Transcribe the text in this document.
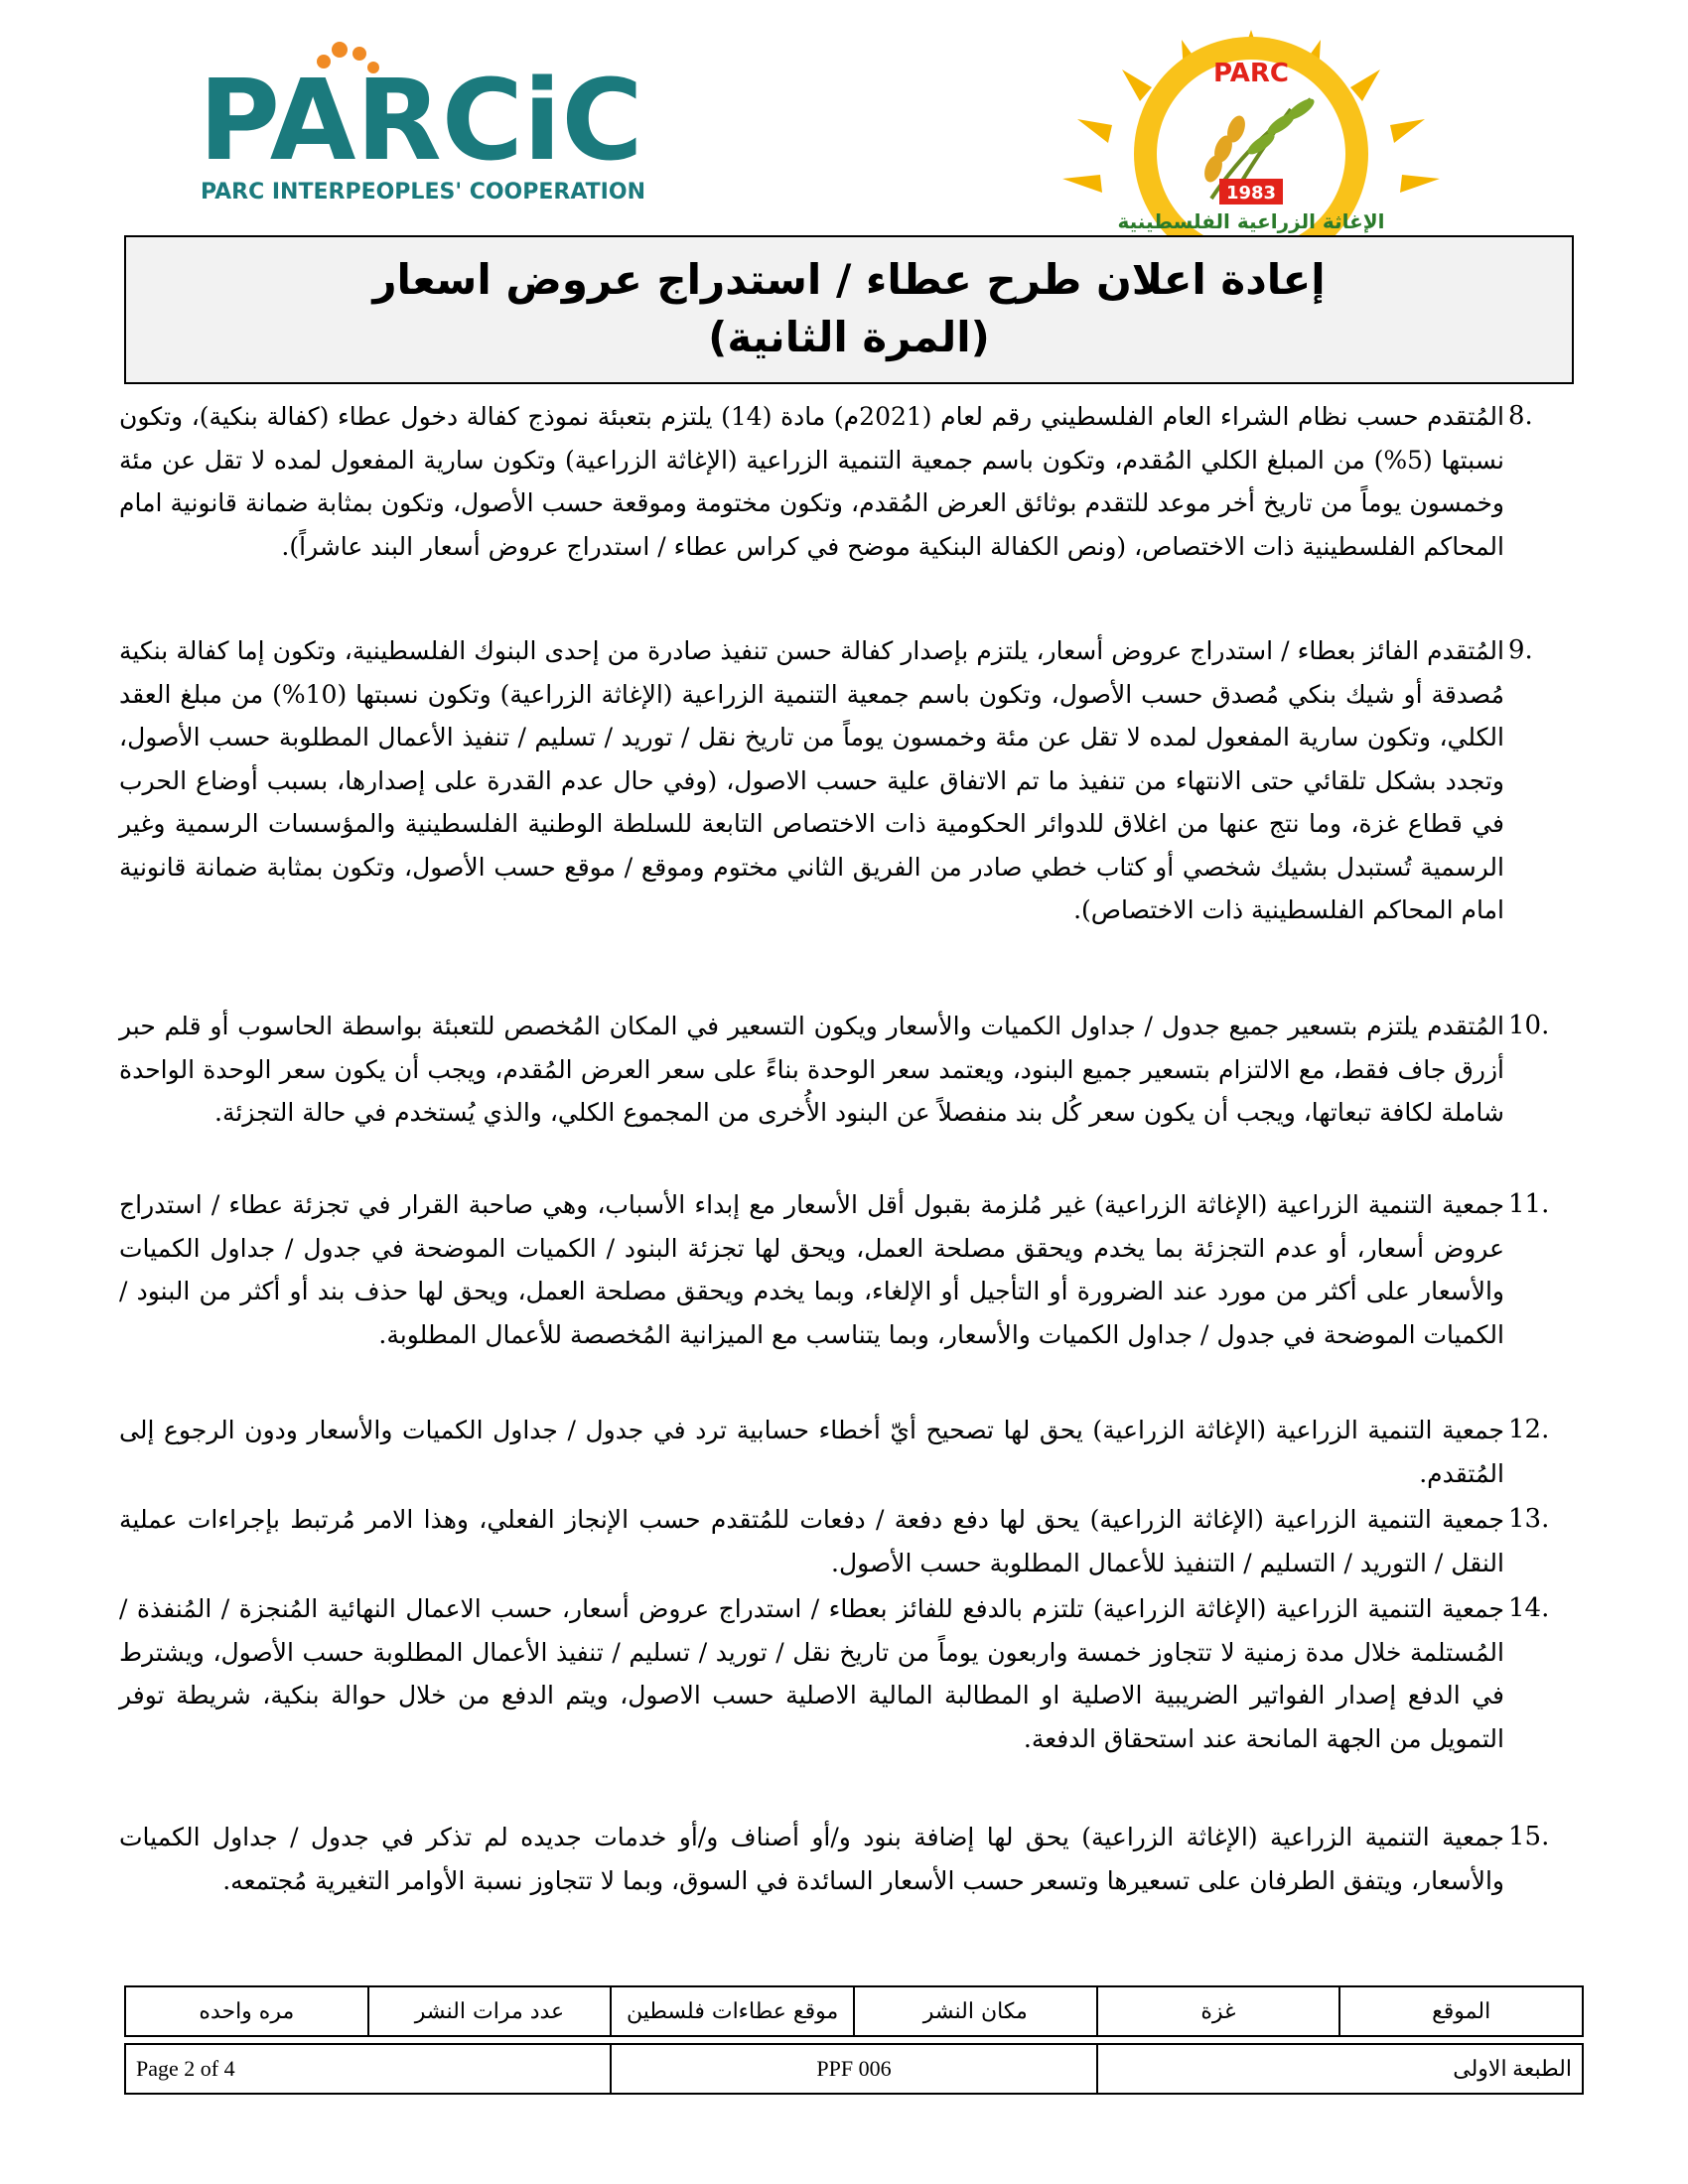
PARCiC
PARC INTERPEOPLES' COOPERATION
PARC
1983
الإغاثة الزراعية الفلسطينية
إعادة اعلان طرح عطاء / استدراج عروض اسعار
(المرة الثانية)
8.
المُتقدم حسب نظام الشراء العام الفلسطيني رقم لعام (2021م) مادة (14) يلتزم بتعبئة نموذج كفالة دخول عطاء (كفالة بنكية)، وتكون نسبتها (5%) من المبلغ الكلي المُقدم، وتكون باسم جمعية التنمية الزراعية (الإغاثة الزراعية) وتكون سارية المفعول لمده لا تقل عن مئة وخمسون يوماً من تاريخ أخر موعد للتقدم بوثائق العرض المُقدم، وتكون مختومة وموقعة حسب الأصول، وتكون بمثابة ضمانة قانونية امام المحاكم الفلسطينية ذات الاختصاص، (ونص الكفالة البنكية موضح في كراس عطاء / استدراج عروض أسعار البند عاشراً).
9.
المُتقدم الفائز بعطاء / استدراج عروض أسعار، يلتزم بإصدار كفالة حسن تنفيذ صادرة من إحدى البنوك الفلسطينية، وتكون إما كفالة بنكية مُصدقة أو شيك بنكي مُصدق حسب الأصول، وتكون باسم جمعية التنمية الزراعية (الإغاثة الزراعية) وتكون نسبتها (10%) من مبلغ العقد الكلي، وتكون سارية المفعول لمده لا تقل عن مئة وخمسون يوماً من تاريخ نقل / توريد / تسليم / تنفيذ الأعمال المطلوبة حسب الأصول، وتجدد بشكل تلقائي حتى الانتهاء من تنفيذ ما تم الاتفاق علية حسب الاصول، (وفي حال عدم القدرة على إصدارها، بسبب أوضاع الحرب في قطاع غزة، وما نتج عنها من اغلاق للدوائر الحكومية ذات الاختصاص التابعة للسلطة الوطنية الفلسطينية والمؤسسات الرسمية وغير الرسمية تُستبدل بشيك شخصي أو كتاب خطي صادر من الفريق الثاني مختوم وموقع / موقع حسب الأصول، وتكون بمثابة ضمانة قانونية امام المحاكم الفلسطينية ذات الاختصاص).
10.
المُتقدم يلتزم بتسعير جميع جدول / جداول الكميات والأسعار ويكون التسعير في المكان المُخصص للتعبئة بواسطة الحاسوب أو قلم حبر أزرق جاف فقط، مع الالتزام بتسعير جميع البنود، ويعتمد سعر الوحدة بناءً على سعر العرض المُقدم، ويجب أن يكون سعر الوحدة الواحدة شاملة لكافة تبعاتها، ويجب أن يكون سعر كُل بند منفصلاً عن البنود الأُخرى من المجموع الكلي، والذي يُستخدم في حالة التجزئة.
11.
جمعية التنمية الزراعية (الإغاثة الزراعية) غير مُلزمة بقبول أقل الأسعار مع إبداء الأسباب، وهي صاحبة القرار في تجزئة عطاء / استدراج عروض أسعار، أو عدم التجزئة بما يخدم ويحقق مصلحة العمل، ويحق لها تجزئة البنود / الكميات الموضحة في جدول / جداول الكميات والأسعار على أكثر من مورد عند الضرورة أو التأجيل أو الإلغاء، وبما يخدم ويحقق مصلحة العمل، ويحق لها حذف بند أو أكثر من البنود / الكميات الموضحة في جدول / جداول الكميات والأسعار، وبما يتناسب مع الميزانية المُخصصة للأعمال المطلوبة.
12.
جمعية التنمية الزراعية (الإغاثة الزراعية) يحق لها تصحيح أيّ أخطاء حسابية ترد في جدول / جداول الكميات والأسعار ودون الرجوع إلى المُتقدم.
13.
جمعية التنمية الزراعية (الإغاثة الزراعية) يحق لها دفع دفعة / دفعات للمُتقدم حسب الإنجاز الفعلي، وهذا الامر مُرتبط بإجراءات عملية النقل / التوريد / التسليم / التنفيذ للأعمال المطلوبة حسب الأصول.
14.
جمعية التنمية الزراعية (الإغاثة الزراعية) تلتزم بالدفع للفائز بعطاء / استدراج عروض أسعار، حسب الاعمال النهائية المُنجزة / المُنفذة / المُستلمة خلال مدة زمنية لا تتجاوز خمسة واربعون يوماً من تاريخ نقل / توريد / تسليم / تنفيذ الأعمال المطلوبة حسب الأصول، ويشترط في الدفع إصدار الفواتير الضريبية الاصلية او المطالبة المالية الاصلية حسب الاصول، ويتم الدفع من خلال حوالة بنكية، شريطة توفر التمويل من الجهة المانحة عند استحقاق الدفعة.
15.
جمعية التنمية الزراعية (الإغاثة الزراعية) يحق لها إضافة بنود و/أو أصناف و/أو خدمات جديده لم تذكر في جدول / جداول الكميات والأسعار، ويتفق الطرفان على تسعيرها وتسعر حسب الأسعار السائدة في السوق، وبما لا تتجاوز نسبة الأوامر التغيرية مُجتمعه.
مره واحده	عدد مرات النشر	موقع عطاءات فلسطين	مكان النشر	غزة	الموقع
Page 2 of 4	PPF 006	الطبعة الاولى
